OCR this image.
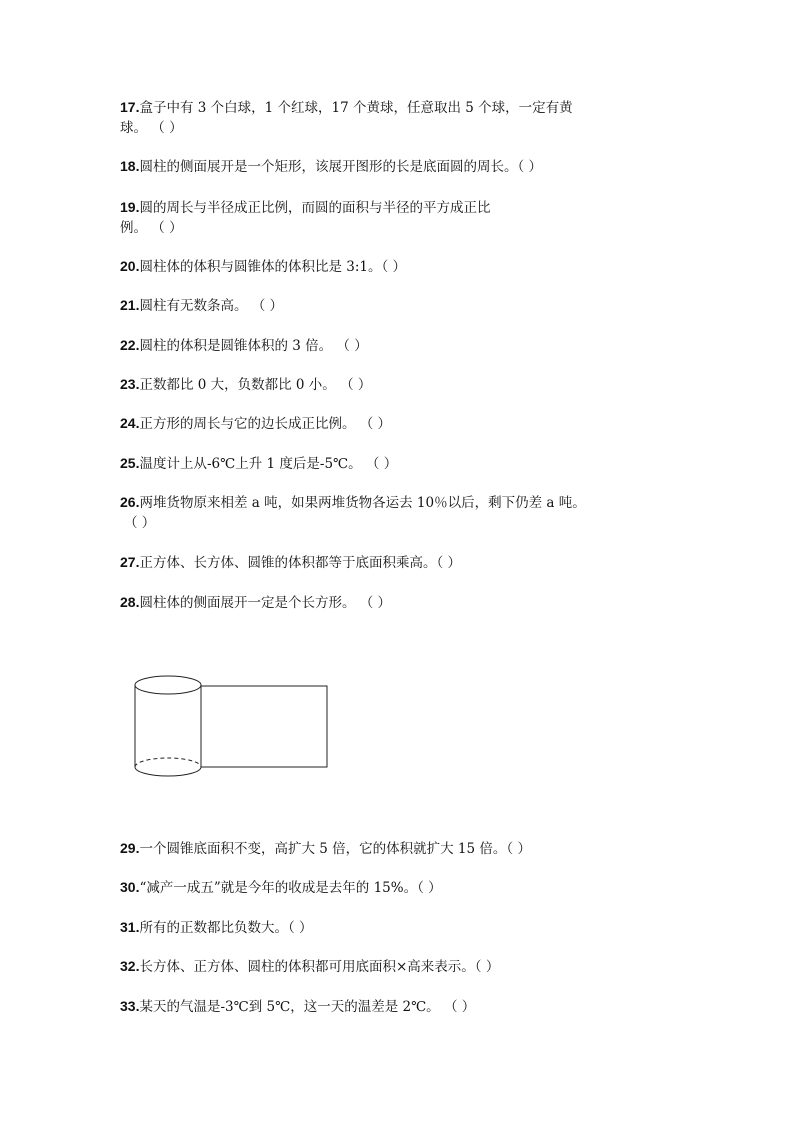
17.盒子中有 3 个白球，1 个红球，17 个黄球，任意取出 5 个球，一定有黄
球。 （ ）
18.圆柱的侧面展开是一个矩形，该展开图形的长是底面圆的周长。（ ）
19.圆的周长与半径成正比例，而圆的面积与半径的平方成正比
例。 （ ）
20.圆柱体的体积与圆锥体的体积比是 3:1。（ ）
21.圆柱有无数条高。 （ ）
22.圆柱的体积是圆锥体积的 3 倍。 （ ）
23.正数都比 0 大，负数都比 0 小。 （ ）
24.正方形的周长与它的边长成正比例。 （ ）
25.温度计上从-6℃上升 1 度后是-5℃。 （ ）
26.两堆货物原来相差 a 吨，如果两堆货物各运去 10％以后，剩下仍差 a 吨。
（ ）
27.正方体、长方体、圆锥的体积都等于底面积乘高。（ ）
28.圆柱体的侧面展开一定是个长方形。 （ ）
29.一个圆锥底面积不变，高扩大 5 倍，它的体积就扩大 15 倍。（ ）
30.“减产一成五”就是今年的收成是去年的 15%。（ ）
31.所有的正数都比负数大。（ ）
32.长方体、正方体、圆柱的体积都可用底面积×高来表示。（ ）
33.某天的气温是-3℃到 5℃，这一天的温差是 2℃。 （ ）
